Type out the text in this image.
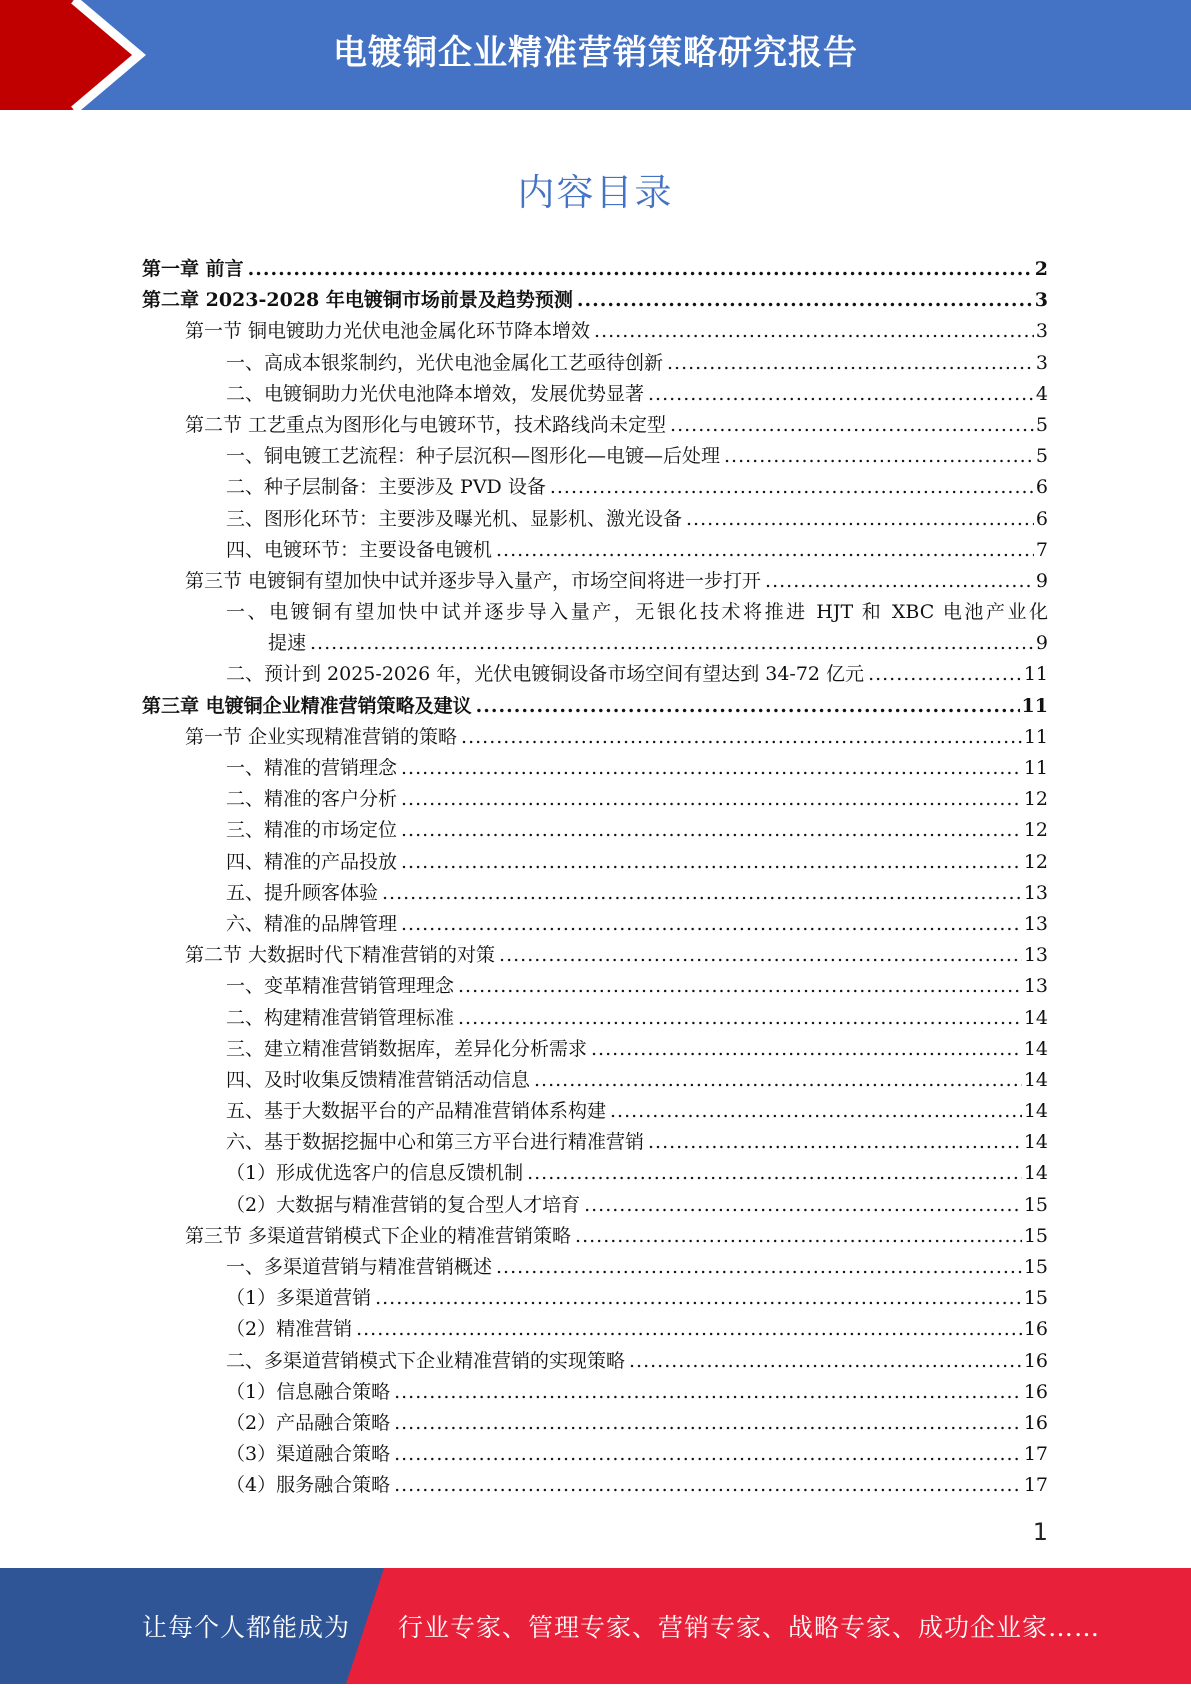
电镀铜企业精准营销策略研究报告
内容目录
第一章 前言 .....	2
第二章 2023-2028 年电镀铜市场前景及趋势预测 .....	3
第一节 铜电镀助力光伏电池金属化环节降本增效 .....	3
一、高成本银浆制约，光伏电池金属化工艺亟待创新 .....	3
二、电镀铜助力光伏电池降本增效，发展优势显著 .....	4
第二节 工艺重点为图形化与电镀环节，技术路线尚未定型 .....	5
一、铜电镀工艺流程：种子层沉积—图形化—电镀—后处理 .....	5
二、种子层制备：主要涉及 PVD 设备 .....	6
三、图形化环节：主要涉及曝光机、显影机、激光设备 .....	6
四、电镀环节：主要设备电镀机 .....	7
第三节 电镀铜有望加快中试并逐步导入量产，市场空间将进一步打开 .....	9
一、电镀铜有望加快中试并逐步导入量产，无银化技术将推进 HJT 和 XBC 电池产业化
提速 .....	9
二、预计到 2025-2026 年，光伏电镀铜设备市场空间有望达到 34-72 亿元 .....	11
第三章 电镀铜企业精准营销策略及建议 .....	11
第一节 企业实现精准营销的策略 .....	11
一、精准的营销理念 .....	11
二、精准的客户分析 .....	12
三、精准的市场定位 .....	12
四、精准的产品投放 .....	12
五、提升顾客体验 .....	13
六、精准的品牌管理 .....	13
第二节 大数据时代下精准营销的对策 .....	13
一、变革精准营销管理理念 .....	13
二、构建精准营销管理标准 .....	14
三、建立精准营销数据库，差异化分析需求 .....	14
四、及时收集反馈精准营销活动信息 .....	14
五、基于大数据平台的产品精准营销体系构建 .....	14
六、基于数据挖掘中心和第三方平台进行精准营销 .....	14
（1）形成优选客户的信息反馈机制 .....	14
（2）大数据与精准营销的复合型人才培育 .....	15
第三节 多渠道营销模式下企业的精准营销策略 .....	15
一、多渠道营销与精准营销概述 .....	15
（1）多渠道营销 .....	15
（2）精准营销 .....	16
二、多渠道营销模式下企业精准营销的实现策略 .....	16
（1）信息融合策略 .....	16
（2）产品融合策略 .....	16
（3）渠道融合策略 .....	17
（4）服务融合策略 .....	17
1
让每个人都能成为 行业专家、管理专家、营销专家、战略专家、成功企业家……
